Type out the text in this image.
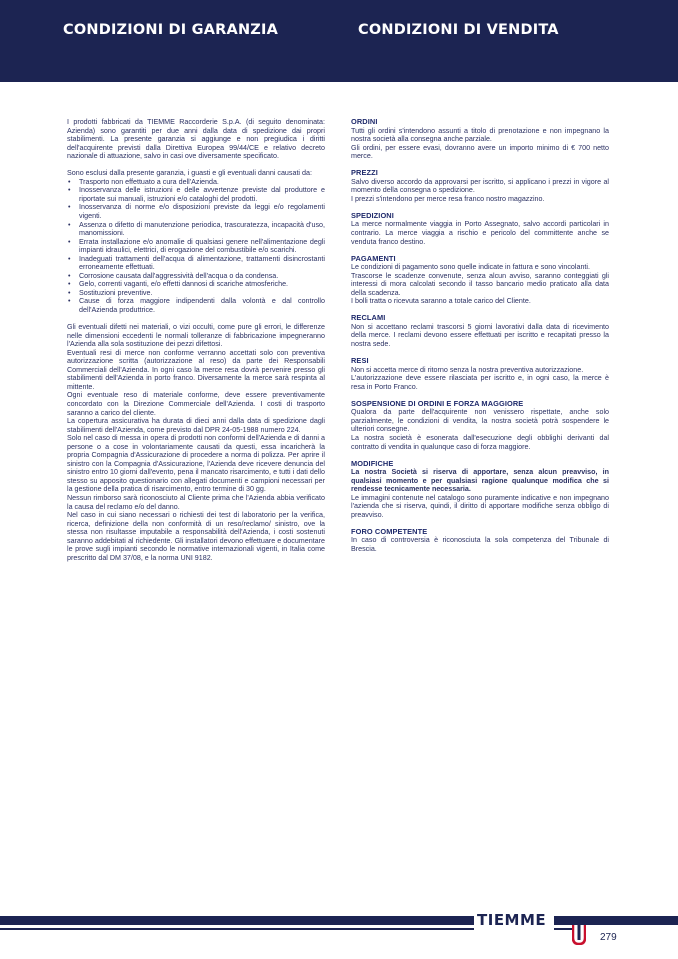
CONDIZIONI DI GARANZIA	CONDIZIONI DI VENDITA

I prodotti fabbricati da TIEMME Raccorderie S.p.A. (di seguito denominata: Azienda) sono garantiti per due anni dalla data di spedizione dai propri stabilimenti. La presente garanzia si aggiunge e non pregiudica i diritti dell'acquirente previsti dalla Direttiva Europea 99/44/CE e relativo decreto nazionale di attuazione, salvo in casi ove diversamente specificato.

Sono esclusi dalla presente garanzia, i guasti e gli eventuali danni causati da:

• Trasporto non effettuato a cura dell'Azienda.
• Inosservanza delle istruzioni e delle avvertenze previste dal produttore e riportate sui manuali, istruzioni e/o cataloghi del prodotti.
• Inosservanza di norme e/o disposizioni previste da leggi e/o regolamenti vigenti.
• Assenza o difetto di manutenzione periodica, trascuratezza, incapacità d'uso, manomissioni.
• Errata installazione e/o anomalie di qualsiasi genere nell'alimentazione degli impianti idraulici, elettrici, di erogazione del combustibile e/o scarichi.
• Inadeguati trattamenti dell'acqua di alimentazione, trattamenti disincrostanti erroneamente effettuati.
• Corrosione causata dall'aggressività dell'acqua o da condensa.
• Gelo, correnti vaganti, e/o effetti dannosi di scariche atmosferiche.
• Sostituzioni preventive.
• Cause di forza maggiore indipendenti dalla volontà e dal controllo dell'Azienda produttrice.

Gli eventuali difetti nei materiali, o vizi occulti, come pure gli errori, le differenze nelle dimensioni eccedenti le normali tolleranze di fabbricazione impegneranno l'Azienda alla sola sostituzione dei pezzi difettosi.

Eventuali resi di merce non conforme verranno accettati solo con preventiva autorizzazione scritta (autorizzazione al reso) da parte dei Responsabili Commerciali dell'Azienda. In ogni caso la merce resa dovrà pervenire presso gli stabilimenti dell'Azienda in porto franco. Diversamente la merce sarà respinta al mittente.

Ogni eventuale reso di materiale conforme, deve essere preventivamente concordato con la Direzione Commerciale dell'Azienda. I costi di trasporto saranno a carico del cliente.

La copertura assicurativa ha durata di dieci anni dalla data di spedizione dagli stabilimenti dell'Azienda, come previsto dal DPR 24-05-1988 numero 224.

Solo nel caso di messa in opera di prodotti non conformi dell'Azienda e di danni a persone o a cose in volontariamente causati da questi, essa incaricherà la propria Compagnia d'Assicurazione di procedere a norma di polizza. Per aprire il sinistro con la Compagnia d'Assicurazione, l'Azienda deve ricevere denuncia del sinistro entro 10 giorni dall'evento, pena il mancato risarcimento, e tutti i dati dello stesso su apposito questionario con allegati documenti e campioni necessari per la gestione della pratica di risarcimento, entro termine di 30 gg.

Nessun rimborso sarà riconosciuto al Cliente prima che l'Azienda abbia verificato la causa del reclamo e/o del danno.

Nel caso in cui siano necessari o richiesti dei test di laboratorio per la verifica, ricerca, definizione della non conformità di un reso/reclamo/ sinistro, ove la stessa non risultasse imputabile a responsabilità dell'Azienda, i costi sostenuti saranno addebitati al richiedente. Gli installatori devono effettuare e documentare le prove sugli impianti secondo le normative internazionali vigenti, in Italia come prescritto dal DM 37/08, e la norma UNI 9182.

ORDINI

Tutti gli ordini s'intendono assunti a titolo di prenotazione e non impegnano la nostra società alla consegna anche parziale.

Gli ordini, per essere evasi, dovranno avere un importo minimo di € 700 netto merce.

PREZZI

Salvo diverso accordo da approvarsi per iscritto, si applicano i prezzi in vigore al momento della consegna o spedizione.

I prezzi s'intendono per merce resa franco nostro magazzino.

SPEDIZIONI

La merce normalmente viaggia in Porto Assegnato, salvo accordi particolari in contrario. La merce viaggia a rischio e pericolo del committente anche se venduta franco destino.

PAGAMENTI

Le condizioni di pagamento sono quelle indicate in fattura e sono vincolanti.

Trascorse le scadenze convenute, senza alcun avviso, saranno conteggiati gli interessi di mora calcolati secondo il tasso bancario medio praticato alla data della scadenza.

I bolli tratta o ricevuta saranno a totale carico del Cliente.

RECLAMI

Non si accettano reclami trascorsi 5 giorni lavorativi dalla data di ricevimento della merce. I reclami devono essere effettuati per iscritto e recapitati presso la nostra sede.

RESI

Non si accetta merce di ritorno senza la nostra preventiva autorizzazione.

L'autorizzazione deve essere rilasciata per iscritto e, in ogni caso, la merce è resa in Porto Franco.

SOSPENSIONE DI ORDINI E FORZA MAGGIORE

Qualora da parte dell'acquirente non venissero rispettate, anche solo parzialmente, le condizioni di vendita, la nostra società potrà sospendere le ulteriori consegne.

La nostra società è esonerata dall'esecuzione degli obblighi derivanti dal contratto di vendita in qualunque caso di forza maggiore.

MODIFICHE

La nostra Società si riserva di apportare, senza alcun preavviso, in qualsiasi momento e per qualsiasi ragione qualunque modifica che si rendesse tecnicamente necessaria.

Le immagini contenute nel catalogo sono puramente indicative e non impegnano l'azienda che si riserva, quindi, il diritto di apportare modifiche senza obbligo di preavviso.

FORO COMPETENTE

In caso di controversia è riconosciuta la sola competenza del Tribunale di Brescia.

TIEMME
279
